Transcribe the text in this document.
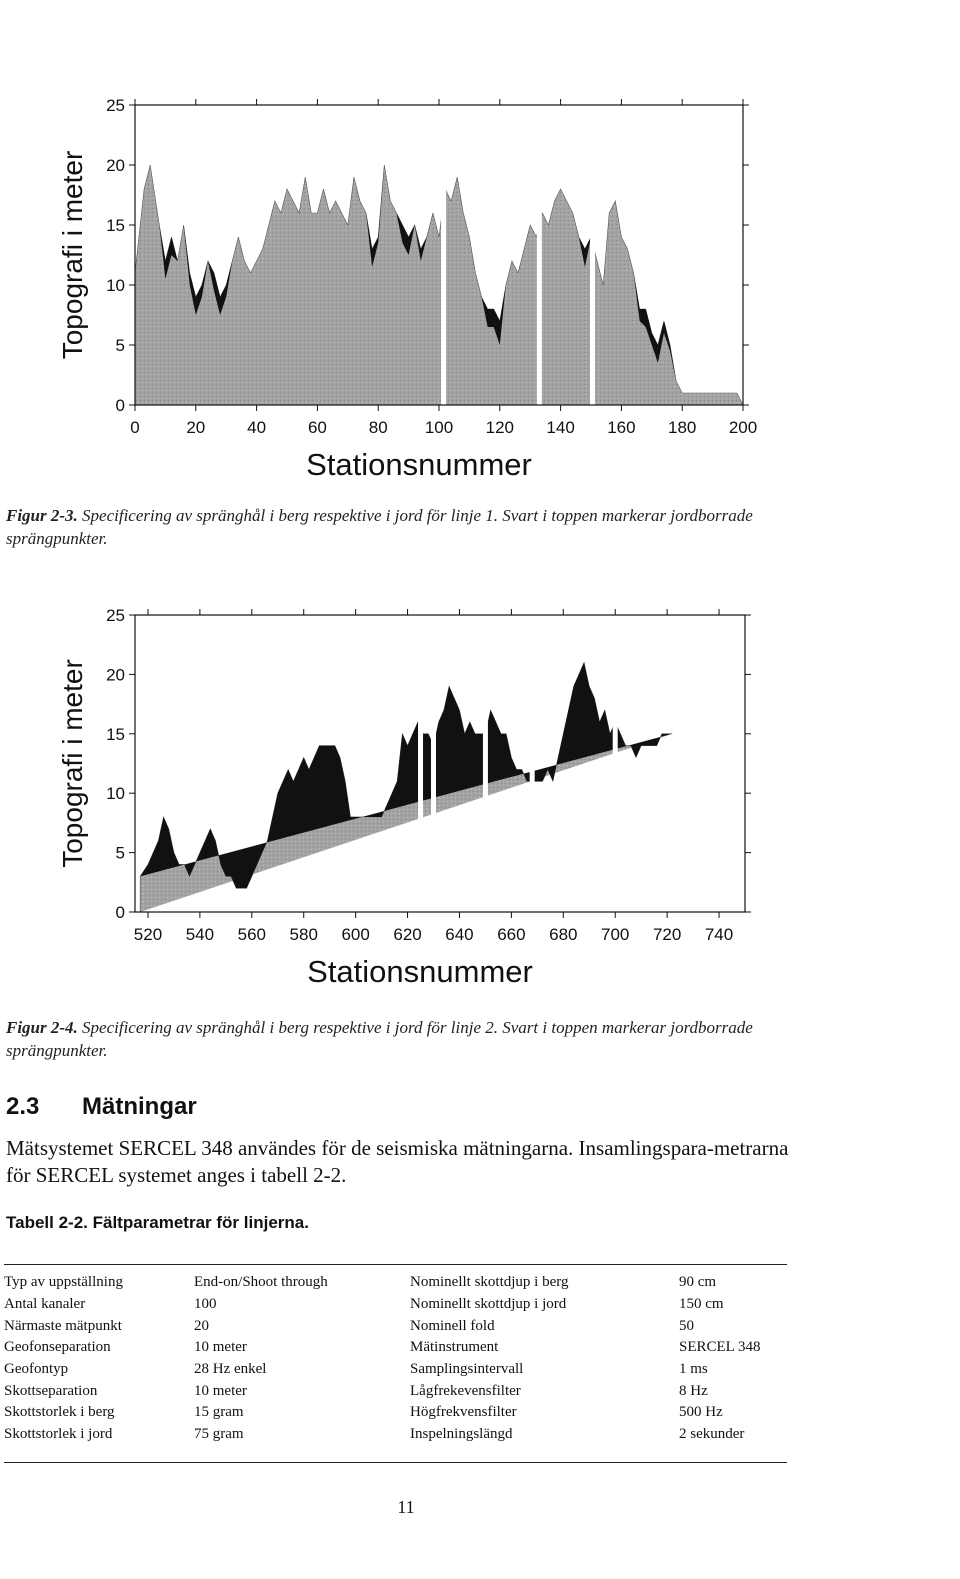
0	20 40 60 80 100 120 140 160 180 200
0
5
10
15
20
25
Stationsnummer
Topografi i meter
Figur 2-3. Specificering av spränghål i berg respektive i jord för linje 1. Svart i toppen markerar jordborrade sprängpunkter.
520 540 560 580 600 620 640 660 680 700 720 740
0
5
10
15
20
25
Stationsnummer
Topografi i meter
Figur 2-4. Specificering av spränghål i berg respektive i jord för linje 2. Svart i toppen markerar jordborrade sprängpunkter.
2.3 Mätningar
Mätsystemet SERCEL 348 användes för de seismiska mätningarna. Insamlingspara-metrarna för SERCEL systemet anges i tabell 2-2.
Tabell 2-2. Fältparametrar för linjerna.
Typ av uppställning	End-on/Shoot through	Nominellt skottdjup i berg	90 cm
Antal kanaler	100	Nominellt skottdjup i jord	150 cm
Närmaste mätpunkt	20	Nominell fold	50
Geofonseparation	10 meter	Mätinstrument	SERCEL 348
Geofontyp	28 Hz enkel	Samplingsintervall	1 ms
Skottseparation	10 meter	Lågfrekevensfilter	8 Hz
Skottstorlek i berg	15 gram	Högfrekvensfilter	500 Hz
Skottstorlek i jord	75 gram	Inspelningslängd	2 sekunder
11
